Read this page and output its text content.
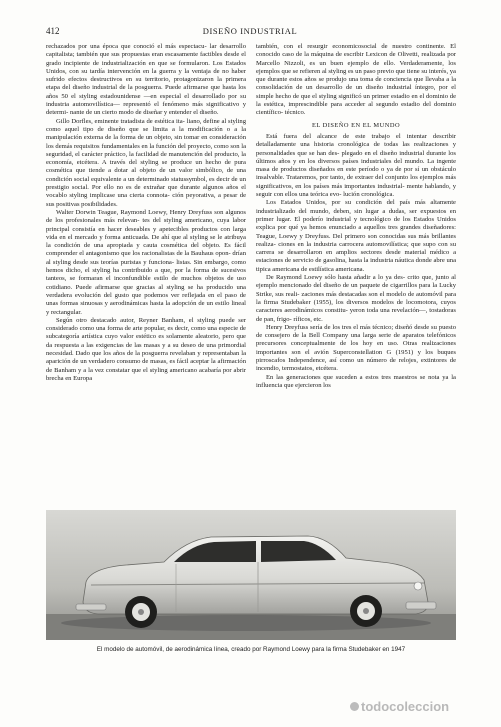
412	DISEÑO INDUSTRIAL

rechazados por una época que conoció el más espectacu- lar desarrollo capitalista; también que sus propuestas eran escasamente factibles desde el grado incipiente de industrialización en que se formularon. Los Estados Unidos, con su tardía intervención en la guerra y la ventaja de no haber sufrido efectos destructivos en su territorio, protagonizaron la primera etapa del diseño industrial de la posguerra. Puede afirmarse que hasta los años 50 el styling estadounidense —en especial el desarrollado por su industria automovilística— representó el fenómeno más significativo y determi- nante de un cierto modo de diseñar y entender el diseño.

Gillo Dorfles, eminente tratadista de estética ita- liano, define al styling como aquel tipo de diseño que se limita a la modificación o a la manipulación externa de la forma de un objeto, sin tomar en consideración los demás requisitos fundamentales en la función del proyecto, como son la seguridad, el carácter práctico, la facilidad de manutención del producto, la economía, etcétera. A través del styling se produce un hecho de pura cosmética que tiende a dotar al objeto de un valor simbólico, de una condición social equivalente a un determinado statussymbol, es decir de un prestigio social. Por ello no es de extrañar que durante algunos años el vocablo styling implicase una cierta connota- ción peyorativa, a pesar de sus positivas posibilidades.

Walter Dorwin Teague, Raymond Loewy, Henry Dreyfuss son algunos de los profesionales más relevan- tes del styling americano, cuya labor principal consistía en hacer deseables y apetecibles productos con larga vida en el mercado y forma anticuada. De ahí que al styling se le atribuya la condición de una apropiada y cauta cosmética del objeto. Es fácil comprender el antagonismo que los racionalistas de la Bauhaus opon- drían al styling desde sus teorías puristas y funciona- listas. Sin embargo, como hemos dicho, el styling ha contribuido a que, por la forma de sucesivos tanteos, se formaran el inconfundible estilo de muchos objetos de uso cotidiano. Puede afirmarse que gracias al styling se ha producido una verdadera evolución del gusto que podemos ver reflejada en el paso de unas formas sinuosas y aerodinámicas hasta la adopción de un estilo lineal y rectangular.

Según otro destacado autor, Reyner Banham, el styling puede ser considerado como una forma de arte popular, es decir, como una especie de subcategoría artística cuyo valor estético es solamente aleatorio, pero que da respuesta a las exigencias de las masas y a su deseo de una primordial necesidad. Dado que los años de la posguerra revelaban y representaban la aparición de un verdadero consumo de masas, es fácil aceptar la afirmación de Banham y a la vez constatar que el styling americano acabaría por abrir brecha en Europa

también, con el resurgir economicosocial de nuestro continente. El conocido caso de la máquina de escribir Lexicon de Olivetti, realizada por Marcello Nizzoli, es un buen ejemplo de ello. Verdaderamente, los ejemplos que se refieren al styling es un paso previo que tiene su interés, ya que durante estos años se produjo una toma de conciencia que llevaba a la consolidación de un desarrollo de un diseño industrial íntegro, por el simple hecho de que el styling significó un primer estadio en el dominio de la estética, imprescindible para acceder al segundo estadio del dominio científico- técnico.

EL DISEÑO EN EL MUNDO

Está fuera del alcance de este trabajo el intentar describir detalladamente una historia cronológica de todas las realizaciones y personalidades que se han des- plegado en el diseño industrial durante los últimos años y en los diversos países industriales del mundo. La ingente masa de productos diseñados en este período o ya de por sí un obstáculo insalvable. Trataremos, por tanto, de extraer del conjunto los ejemplos más significativos, en los países más importantes industrial- mente hablando, y seguir con ellos una teórica evo- lución cronológica.

Los Estados Unidos, por su condición del país más altamente industrializado del mundo, deben, sin lugar a dudas, ser expuestos en primer lugar. El poderío industrial y tecnológico de los Estados Unidos explica por qué ya hemos enunciado a aquellos tres grandes diseñadores: Teague, Loewy y Dreyfuss. Del primero son conocidas sus más brillantes realiza- ciones en la industria carrocera automovilística; que supo con su carrera se desarrollaron en amplios sectores desde material médico a estaciones de servicio de gasolina, hasta la industria náutica donde abre una tipica americana de estilística americana.

De Raymond Loewy sólo hasta añadir a lo ya des- crito que, junto al ejemplo mencionado del diseño de un paquete de cigarrillos para la Lucky Strike, sus reali- zaciones más destacadas son el modelo de automóvil para la firma Studebaker (1955), los diversos modelos de locomotora, cuyos caracteres aerodinámicos constitu- yeron toda una revelación—, tostadoras de pan, frigo- ríficos, etc.

Henry Dreyfuss sería de los tres el más técnico; diseñó desde su puesto de consejero de la Bell Company una larga serie de aparatos telefónicos precursores conceptualmente de los hoy en uso. Otras realizaciones importantes son el avión Superconstellation G (1951) y los buques pirroscafos Independence, así como un número de relojes, extintores de incendio, termostatos, etcétera.

En las generaciones que suceden a estos tres maestros se nota ya la influencia que ejercieron los

El modelo de automóvil, de aerodinámica línea, creado por Raymond Loewy para la firma Studebaker en 1947
todocoleccion
